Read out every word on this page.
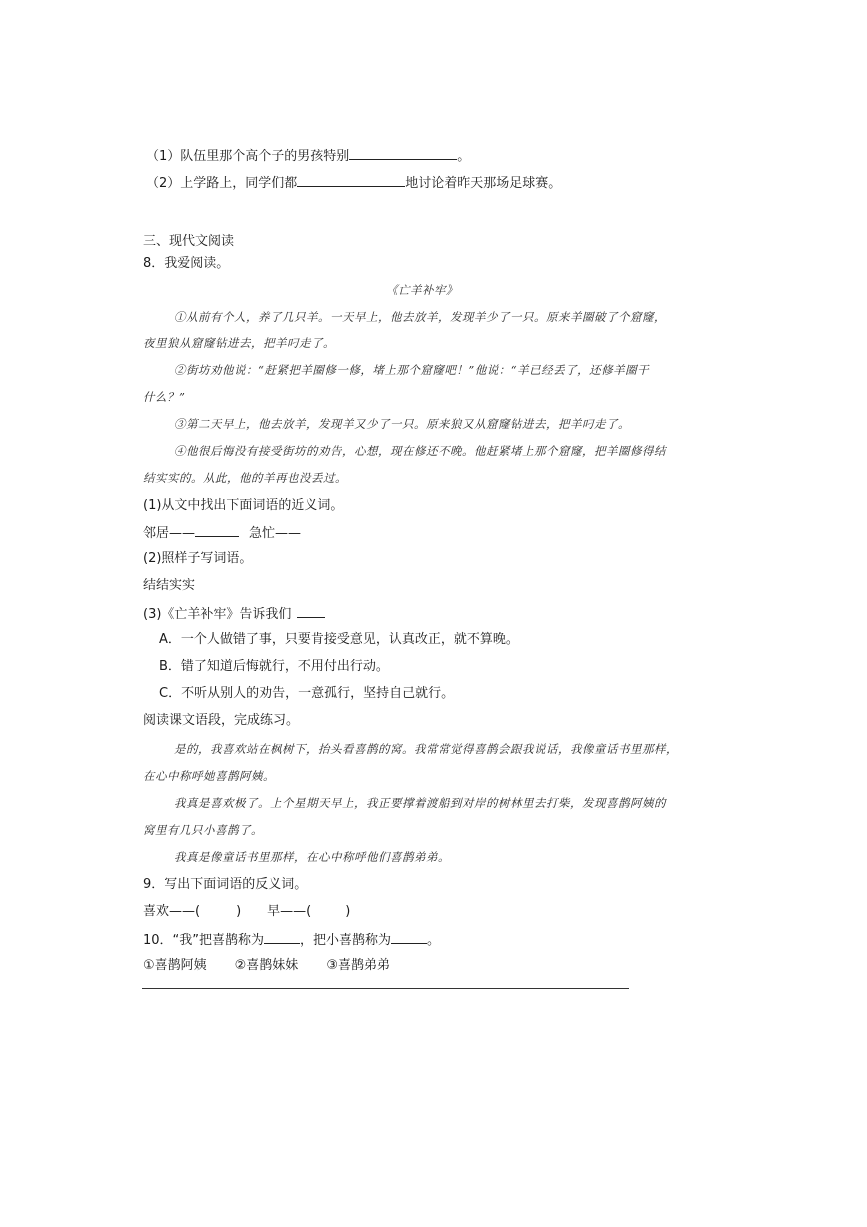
（1）队伍里那个高个子的男孩特别	。
（2）上学路上，同学们都	地讨论着昨天那场足球赛。
三、现代文阅读
8．我爱阅读。
《亡羊补牢》
①从前有个人，养了几只羊。一天早上，他去放羊，发现羊少了一只。原来羊圈破了个窟窿，
夜里狼从窟窿钻进去，把羊叼走了。
②街坊劝他说：“赶紧把羊圈修一修，堵上那个窟窿吧！”他说：“羊已经丢了，还修羊圈干
什么？”
③第二天早上，他去放羊，发现羊又少了一只。原来狼又从窟窿钻进去，把羊叼走了。
④他很后悔没有接受街坊的劝告，心想，现在修还不晚。他赶紧堵上那个窟窿，把羊圈修得结
结实实的。从此，他的羊再也没丢过。
(1)从文中找出下面词语的近义词。
邻居——	急忙——
(2)照样子写词语。
结结实实
(3)《亡羊补牢》告诉我们
A．一个人做错了事，只要肯接受意见，认真改正，就不算晚。
B．错了知道后悔就行，不用付出行动。
C．不听从别人的劝告，一意孤行，坚持自己就行。
阅读课文语段，完成练习。
是的，我喜欢站在枫树下，抬头看喜鹊的窝。我常常觉得喜鹊会跟我说话，我像童话书里那样，
在心中称呼她喜鹊阿姨。
我真是喜欢极了。上个星期天早上，我正要撑着渡船到对岸的树林里去打柴，发现喜鹊阿姨的
窝里有几只小喜鹊了。
我真是像童话书里那样，在心中称呼他们喜鹊弟弟。
9．写出下面词语的反义词。
喜欢——(	) 早——(	)
10．“我”把喜鹊称为	，把小喜鹊称为	。
①喜鹊阿姨 ②喜鹊妹妹 ③喜鹊弟弟
